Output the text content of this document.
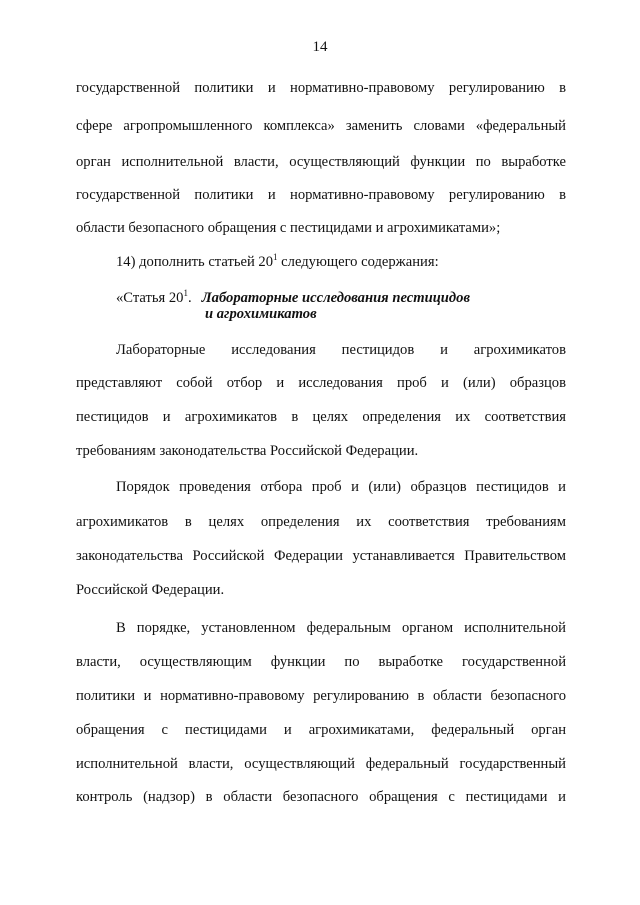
14
государственной политики и нормативно-правовому регулированию в
сфере агропромышленного комплекса» заменить словами «федеральный
орган исполнительной власти, осуществляющий функции по выработке
государственной политики и нормативно-правовому регулированию в
области безопасного обращения с пестицидами и агрохимикатами»;
14) дополнить статьей $20^1$ следующего содержания:
«Статья $20^1$. Лабораторные исследования пестицидов
и агрохимикатов
Лабораторные исследования пестицидов и агрохимикатов
представляют собой отбор и исследования проб и (или) образцов
пестицидов и агрохимикатов в целях определения их соответствия
требованиям законодательства Российской Федерации.
Порядок проведения отбора проб и (или) образцов пестицидов и
агрохимикатов в целях определения их соответствия требованиям
законодательства Российской Федерации устанавливается Правительством
Российской Федерации.
В порядке, установленном федеральным органом исполнительной
власти, осуществляющим функции по выработке государственной
политики и нормативно-правовому регулированию в области безопасного
обращения с пестицидами и агрохимикатами, федеральный орган
исполнительной власти, осуществляющий федеральный государственный
контроль (надзор) в области безопасного обращения с пестицидами и
